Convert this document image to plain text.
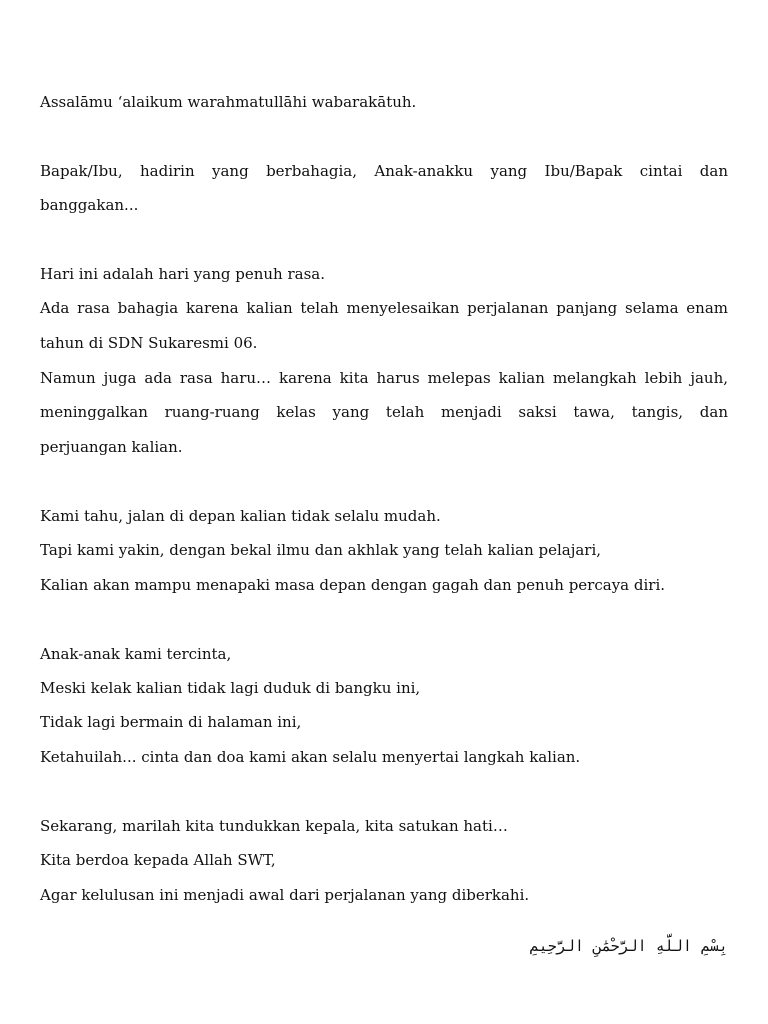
Assalāmu ‘alaikum warahmatullāhi wabarakātuh.
Bapak/Ibu, hadirin yang berbahagia, Anak-anakku yang Ibu/Bapak cintai dan
banggakan...
Hari ini adalah hari yang penuh rasa.
Ada rasa bahagia karena kalian telah menyelesaikan perjalanan panjang selama enam
tahun di SDN Sukaresmi 06.
Namun juga ada rasa haru… karena kita harus melepas kalian melangkah lebih jauh,
meninggalkan ruang-ruang kelas yang telah menjadi saksi tawa, tangis, dan
perjuangan kalian.
Kami tahu, jalan di depan kalian tidak selalu mudah.
Tapi kami yakin, dengan bekal ilmu dan akhlak yang telah kalian pelajari,
Kalian akan mampu menapaki masa depan dengan gagah dan penuh percaya diri.
Anak-anak kami tercinta,
Meski kelak kalian tidak lagi duduk di bangku ini,
Tidak lagi bermain di halaman ini,
Ketahuilah... cinta dan doa kami akan selalu menyertai langkah kalian.
Sekarang, marilah kita tundukkan kepala, kita satukan hati…
Kita berdoa kepada Allah SWT,
Agar kelulusan ini menjadi awal dari perjalanan yang diberkahi.
بِسْمِ اللَّهِ الرَّحْمَٰنِ الرَّحِيمِ
